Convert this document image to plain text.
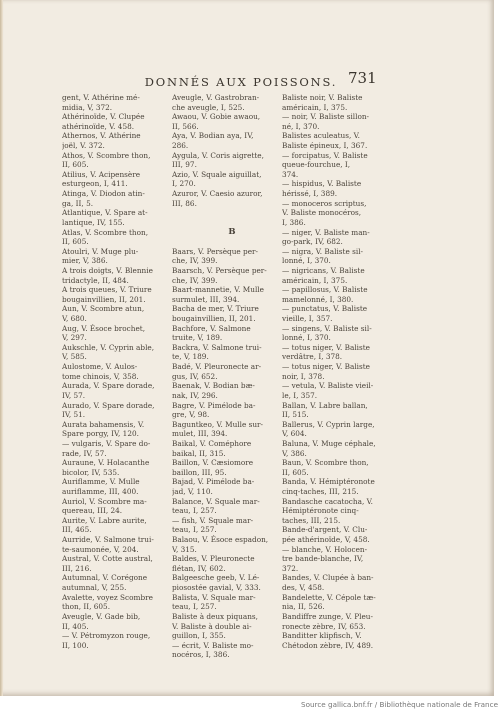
DONNÉS AUX POISSONS. 731
gent, V. Athérine mé-
midia, V, 372.
Athérinoïde, V. Clupée
athérinoïde, V. 458.
Athernos, V. Athérine
joël, V. 372.
Athos, V. Scombre thon,
II, 605.
Atilius, V. Acipensère
esturgeon, I, 411.
Atinga, V. Diodon atin-
ga, II, 5.
Atlantique, V. Spare at-
lantique, IV, 155.
Atlas, V. Scombre thon,
II, 605.
Atoulri, V. Muge plu-
mier, V, 386.
A trois doigts, V. Blennie
tridactyle, II, 484.
A trois queues, V. Triure
bougainvillien, II, 201.
Aun, V. Scombre atun,
V, 680.
Aug, V. Ésoce brochet,
V, 297.
Aukschle, V. Cyprin able,
V, 585.
Aulostome, V. Aulos-
tome chinois, V, 358.
Aurada, V. Spare dorade,
IV, 57.
Aurado, V. Spare dorade,
IV, 51.
Aurata bahamensis, V.
Spare porgy, IV, 120.
— vulgaris, V. Spare do-
rade, IV, 57.
Auraune, V. Holacanthe
bicolor, IV, 535.
Auriflamme, V. Mulle
auriflamme, III, 400.
Auriol, V. Scombre ma-
quereau, III, 24.
Aurite, V. Labre aurite,
III, 465.
Aurride, V. Salmone trui-
te-saumonée, V, 204.
Austral, V. Cotte austral,
III, 216.
Autumnal, V. Corégone
autumnal, V, 255.
Avalette, voyez Scombre
thon, II, 605.
Aveugle, V. Gade bib,
II, 405.
— V. Pétromyzon rouge,
II, 100.
Aveugle, V. Gastrobran-
che aveugle, I, 525.
Awaou, V. Gobie awaou,
II, 566.
Aya, V. Bodian aya, IV,
286.
Aygula, V. Coris aigrette,
III, 97.
Azio, V. Squale aiguillat,
I, 270.
Azuror, V. Caesio azuror,
III, 86.
B
Baars, V. Persèque per-
che, IV, 399.
Baarsch, V. Persèque per-
che, IV, 399.
Baart-mannetie, V. Mulle
surmulet, III, 394.
Bacha de mer, V. Triure
bougainvillien, II, 201.
Bachfore, V. Salmone
truite, V, 189.
Backra, V. Salmone trui-
te, V, 189.
Badé, V. Pleuronecte ar-
gus, IV, 652.
Baenak, V. Bodian bæ-
nak, IV, 296.
Bagre, V. Pimélode ba-
gre, V, 98.
Baguntkeo, V. Mulle sur-
mulet, III, 394.
Baikal, V. Coméphore
baikal, II, 315.
Baillon, V. Cæsiomore
baillon, III, 95.
Bajad, V. Pimélode ba-
jad, V, 110.
Balance, V. Squale mar-
teau, I, 257.
— fish, V. Squale mar-
teau, I, 257.
Balaou, V. Ésoce espadon,
V, 315.
Baldes, V. Pleuronecte
flétan, IV, 602.
Balgeesche geeb, V. Lé-
piosostée gavial, V, 333.
Balista, V. Squale mar-
teau, I, 257.
Baliste à deux piquans,
V. Baliste à double ai-
guillon, I, 355.
— écrit, V. Baliste mo-
nocéros, I, 386.
Baliste noir, V. Baliste
américain, I, 375.
— noir, V. Baliste sillon-
né, I, 370.
Balistes aculeatus, V.
Baliste épineux, I, 367.
— forcipatus, V. Baliste
queue-fourchue, I,
374.
— hispidus, V. Baliste
hérissé, I, 389.
— monoceros scriptus,
V. Baliste monocéros,
I, 386.
— niger, V. Baliste man-
go-park, IV, 682.
— nigra, V. Baliste sil-
lonné, I, 370.
— nigricans, V. Baliste
américain, I, 375.
— papillosus, V. Baliste
mamelonné, I, 380.
— punctatus, V. Baliste
vieille, I, 357.
— singens, V. Baliste sil-
lonné, I, 370.
— totus niger, V. Baliste
verdâtre, I, 378.
— totus niger, V. Baliste
noir, I, 378.
— vetula, V. Baliste vieil-
le, I, 357.
Ballan, V. Labre ballan,
II, 515.
Ballerus, V. Cyprin large,
V, 604.
Baluna, V. Muge céphale,
V, 386.
Baun, V. Scombre thon,
II, 605.
Banda, V. Hémiptéronote
cinq-taches, III, 215.
Bandasche cacatocha, V.
Hémiptéronote cinq-
taches, III, 215.
Bande-d'argent, V. Clu-
pée athérinoïde, V, 458.
— blanche, V. Holocen-
tre bande-blanche, IV,
372.
Bandes, V. Clupée à ban-
des, V, 458.
Bandelette, V. Cépole tæ-
nia, II, 526.
Bandiffre zunge, V. Pleu-
ronecte zèbre, IV, 653.
Banditter klipfisch, V.
Chétodon zèbre, IV, 489.
Source gallica.bnf.fr / Bibliothèque nationale de France
